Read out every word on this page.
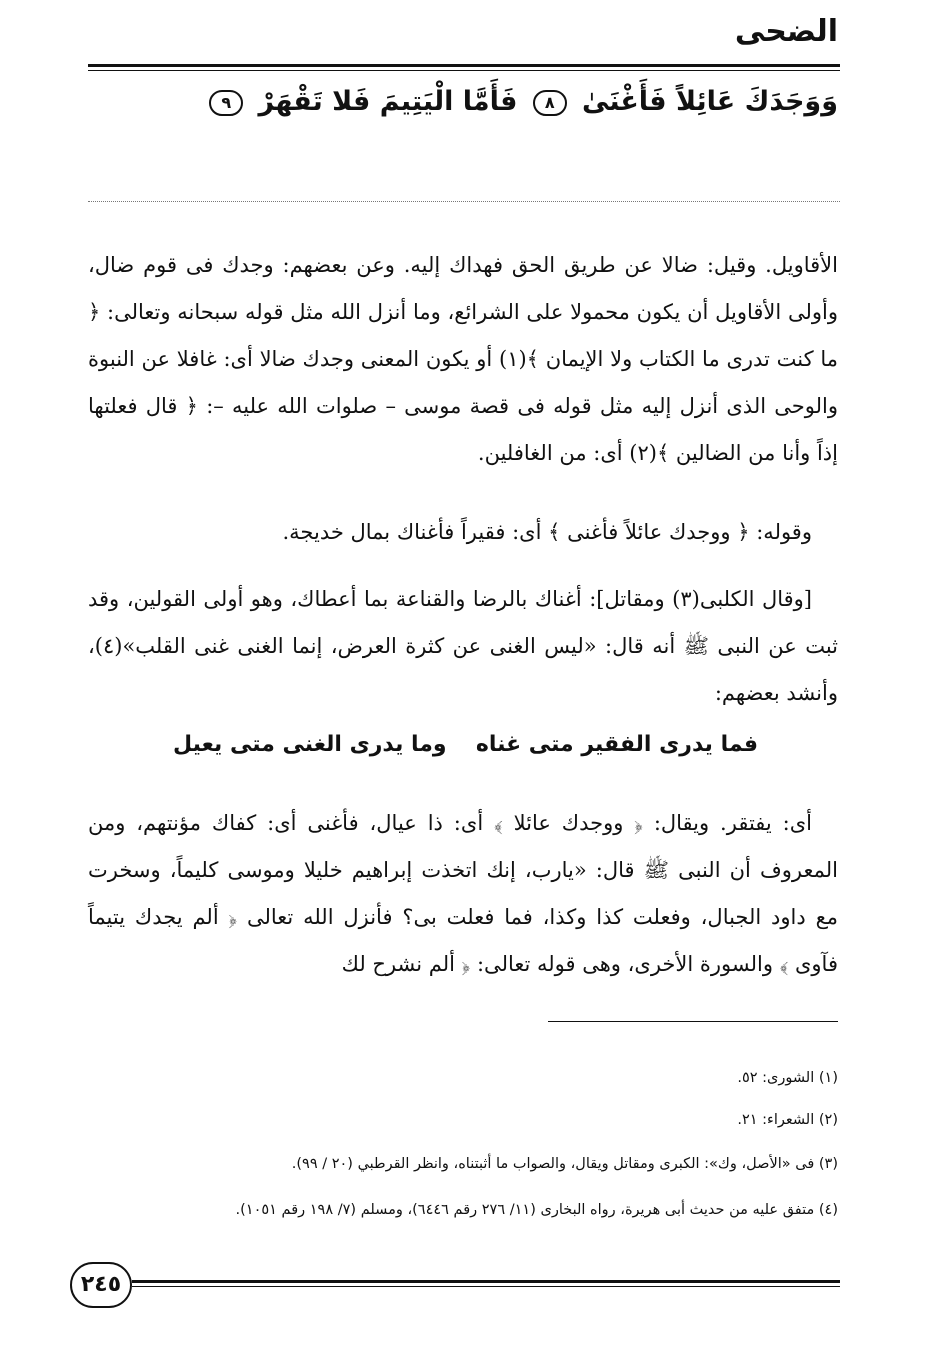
الضحى
وَوَجَدَكَ عَائِلاً فَأَغْنَىٰ ٨ فَأَمَّا الْيَتِيمَ فَلا تَقْهَرْ ٩
الأقاويل. وقيل: ضالا عن طريق الحق فهداك إليه. وعن بعضهم: وجدك فى قوم ضال، وأولى الأقاويل أن يكون محمولا على الشرائع، وما أنزل الله مثل قوله سبحانه وتعالى: ﴿ ما كنت تدرى ما الكتاب ولا الإيمان ﴾(١) أو يكون المعنى وجدك ضالا أى: غافلا عن النبوة والوحى الذى أنزل إليه مثل قوله فى قصة موسى – صلوات الله عليه –: ﴿ قال فعلتها إذاً وأنا من الضالين ﴾(٢) أى: من الغافلين.
وقوله: ﴿ ووجدك عائلاً فأغنى ﴾ أى: فقيراً فأغناك بمال خديجة.
[وقال الكلبى(٣) ومقاتل]: أغناك بالرضا والقناعة بما أعطاك، وهو أولى القولين، وقد ثبت عن النبى ﷺ أنه قال: «ليس الغنى عن كثرة العرض، إنما الغنى غنى القلب»(٤)، وأنشد بعضهم:
فما يدرى الفقير متى غناه
وما يدرى الغنى متى يعيل
أى: يفتقر. ويقال: ﴿ ووجدك عائلا ﴾ أى: ذا عيال، فأغنى أى: كفاك مؤنتهم، ومن المعروف أن النبى ﷺ قال: «يارب، إنك اتخذت إبراهيم خليلا وموسى كليماً، وسخرت مع داود الجبال، وفعلت كذا وكذا، فما فعلت بى؟ فأنزل الله تعالى ﴿ ألم يجدك يتيماً فآوى ﴾ والسورة الأخرى، وهى قوله تعالى: ﴿ ألم نشرح لك
(١) الشورى: ٥٢.
(٢) الشعراء: ٢١.
(٣) فى «الأصل، وك»: الكبرى ومقاتل ويقال، والصواب ما أثبتناه، وانظر القرطبي (٢٠ / ٩٩).
(٤) متفق عليه من حديث أبى هريرة، رواه البخارى (١١/ ٢٧٦ رقم ٦٤٤٦)، ومسلم (٧/ ١٩٨ رقم ١٠٥١).
٢٤٥
